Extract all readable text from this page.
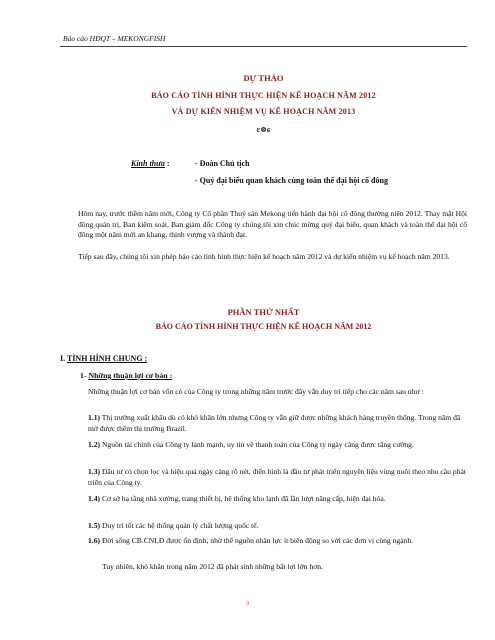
Báo cáo HĐQT – MEKONGFISH
DỰ THẢO
BÁO CÁO TÌNH HÌNH THỰC HIỆN KẾ HOẠCH NĂM 2012
VÀ DỰ KIẾN NHIỆM VỤ KẾ HOẠCH NĂM 2013
ɛ⊗ɕ
Kính thưa :	- Đoàn Chủ tịch
- Quý đại biểu quan khách cùng toàn thể đại hội cổ đông
Hôm nay, trước thềm năm mới, Công ty Cổ phần Thuỷ sản Mekong tiến hành đại hội cổ đông thường niên 2012. Thay mặt Hội đồng quản trị, Ban kiểm soát, Ban giám đốc Công ty chúng tôi xin chúc mừng quý đại biểu, quan khách và toàn thể đại hội cổ đông một năm mới an khang, thịnh vượng và thành đạt.
Tiếp sau đây, chúng tôi xin phép báo cáo tình hình thực hiện kế hoạch năm 2012 và dự kiến nhiệm vụ kế hoạch năm 2013.
PHẦN THỨ NHẤT
BÁO CÁO TÌNH HÌNH THỰC HIỆN KẾ HOẠCH NĂM 2012
I. TÌNH HÌNH CHUNG :
1- Những thuận lợi cơ bản :
Những thuận lợi cơ bản vốn có của Công ty trong những năm trước đây vẫn duy trì tiếp cho các năm sau như :
1.1) Thị trường xuất khẩu dù có khó khăn lớn nhưng Công ty vẫn giữ được những khách hàng truyền thống. Trong năm đã mở được thêm thị trường Brazil.
1.2) Nguồn tài chính của Công ty lành mạnh, uy tín về thanh toán của Công ty ngày càng được tăng cường.
1.3) Đầu tư có chọn lọc và hiệu quả ngày càng rõ nét, điển hình là đầu tư phát triển nguyên liệu vùng nuôi theo nhu cầu phát triển của Công ty.
1.4) Cơ sở hạ tầng nhà xưởng, trang thiết bị, hệ thống kho lạnh đã lần lượt nâng cấp, hiện đại hóa.
1.5) Duy trì tốt các hệ thống quản lý chất lượng quốc tế.
1.6) Đời sống CB.CNLĐ được ổn định, nhờ thế nguồn nhân lực ít biến động so với các đơn vị cùng ngành.
Tuy nhiên, khó khăn trong năm 2012 đã phát sinh những bất lợi lớn hơn.
3
